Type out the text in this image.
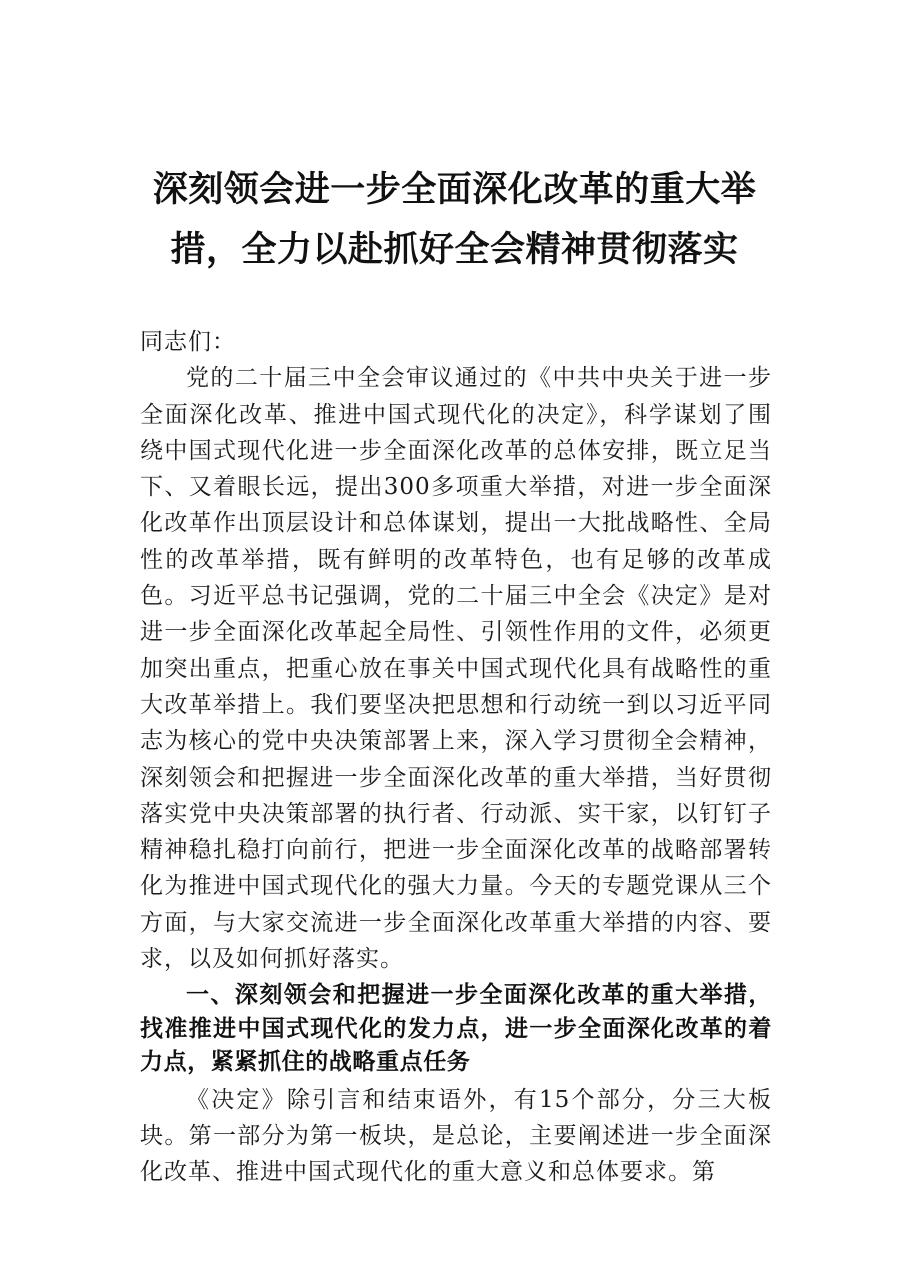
深刻领会进一步全面深化改革的重大举
措，全力以赴抓好全会精神贯彻落实

同志们：

党的二十届三中全会审议通过的《中共中央关于进一步全面深化改革、推进中国式现代化的决定》，科学谋划了围绕中国式现代化进一步全面深化改革的总体安排，既立足当下、又着眼长远，提出300多项重大举措，对进一步全面深化改革作出顶层设计和总体谋划，提出一大批战略性、全局性的改革举措，既有鲜明的改革特色，也有足够的改革成色。习近平总书记强调，党的二十届三中全会《决定》是对进一步全面深化改革起全局性、引领性作用的文件，必须更加突出重点，把重心放在事关中国式现代化具有战略性的重大改革举措上。我们要坚决把思想和行动统一到以习近平同志为核心的党中央决策部署上来，深入学习贯彻全会精神，深刻领会和把握进一步全面深化改革的重大举措，当好贯彻落实党中央决策部署的执行者、行动派、实干家，以钉钉子精神稳扎稳打向前行，把进一步全面深化改革的战略部署转化为推进中国式现代化的强大力量。今天的专题党课从三个方面，与大家交流进一步全面深化改革重大举措的内容、要求，以及如何抓好落实。

一、深刻领会和把握进一步全面深化改革的重大举措，找准推进中国式现代化的发力点，进一步全面深化改革的着力点，紧紧抓住的战略重点任务

《决定》除引言和结束语外，有15个部分，分三大板块。第一部分为第一板块，是总论，主要阐述进一步全面深化改革、推进中国式现代化的重大意义和总体要求。第
